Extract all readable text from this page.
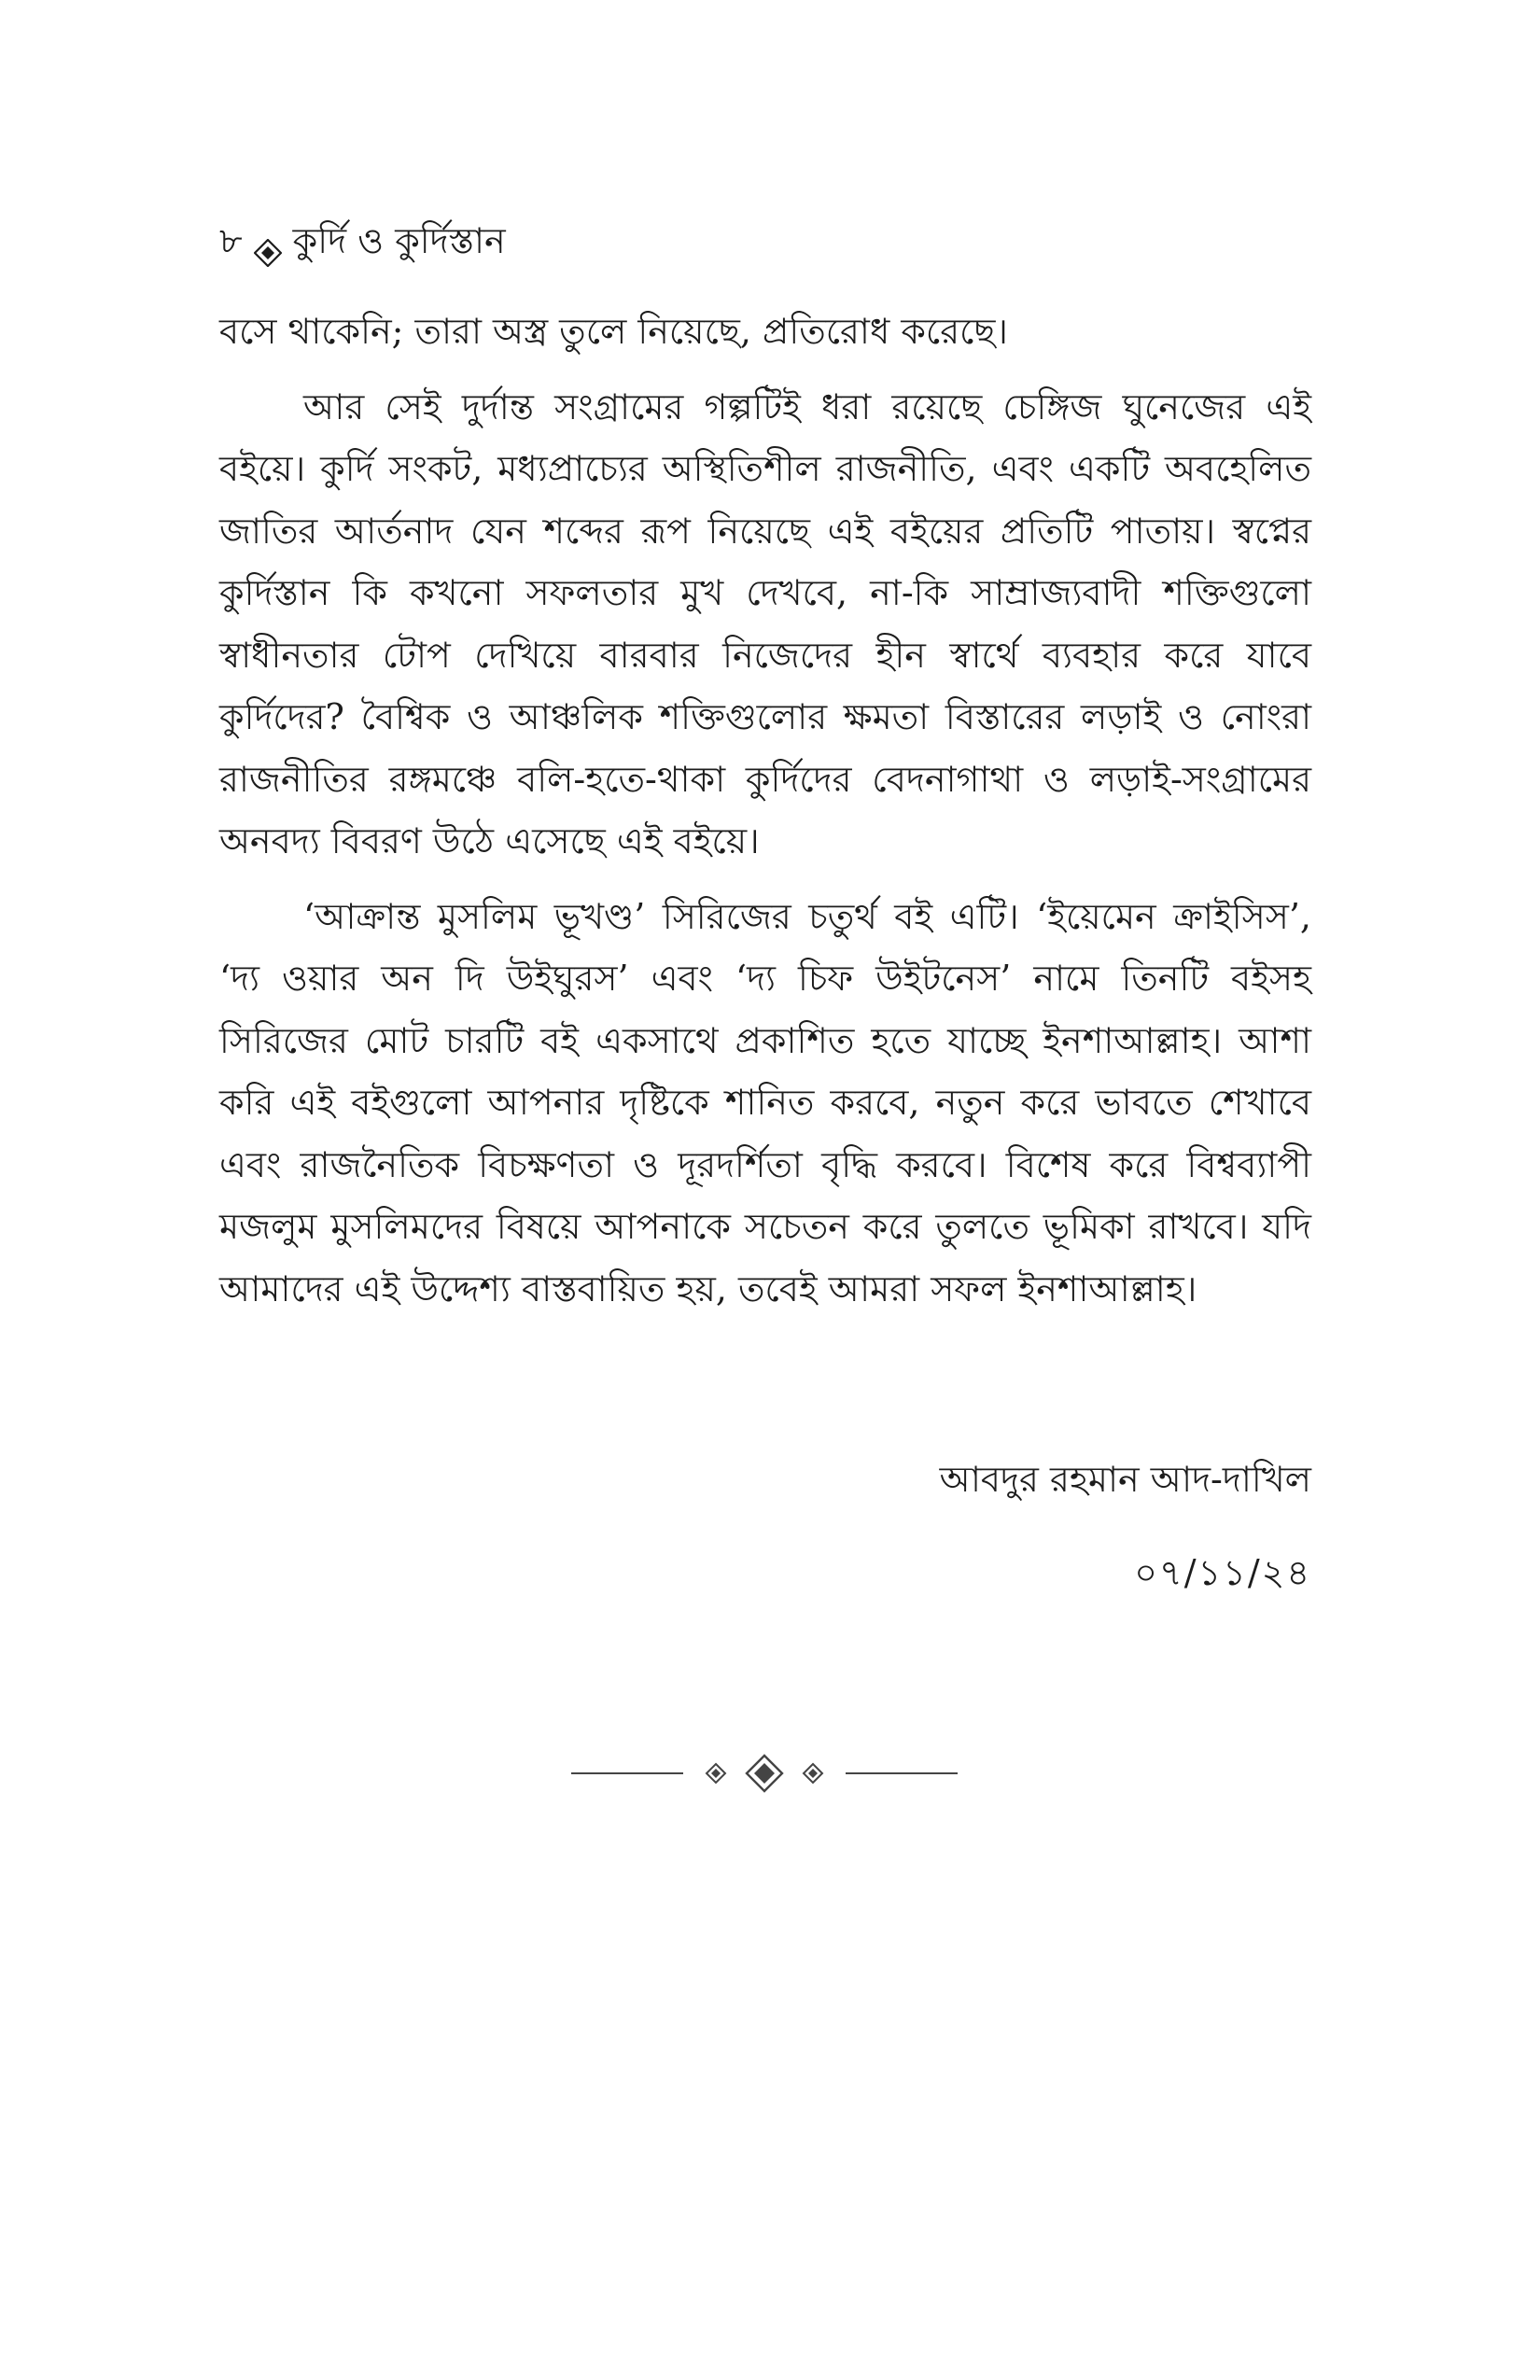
৮ কুর্দি ও কুর্দিস্তান

বসে থাকেনি; তারা অস্ত্র তুলে নিয়েছে, প্রতিরোধ করেছে।

আর সেই দুর্দান্ত সংগ্রামের গল্পটিই ধরা রয়েছে চেঙ্গিজ ঘুনেজের এই বইয়ে। কুর্দি সংকট, মধ্যপ্রাচ্যের অস্থিতিশীল রাজনীতি, এবং একটি অবহেলিত জাতির আর্তনাদ যেন শব্দের রূপ নিয়েছে এই বইয়ের প্রতিটি পাতায়। স্বপ্নের কুর্দিস্তান কি কখনো সফলতার মুখ দেখবে, না-কি সাম্রাজ্যবাদী শক্তিগুলো স্বাধীনতার টোপ দেখিয়ে বারবার নিজেদের হীন স্বার্থে ব্যবহার করে যাবে কুর্দিদের? বৈশ্বিক ও আঞ্চলিক শক্তিগুলোর ক্ষমতা বিস্তারের লড়াই ও নোংরা রাজনীতির রঙ্গমঞ্চে বলি-হতে-থাকা কুর্দিদের বেদনাগাথা ও লড়াই-সংগ্রামের অনবদ্য বিবরণ উঠে এসেছে এই বইয়ে।

‘আক্রান্ত মুসলিম ভূখণ্ড’ সিরিজের চতুর্থ বই এটি। ‘ইয়েমেন ক্রাইসিস’, ‘দ্য ওয়ার অন দি উইঘুরস’ এবং ‘দ্য চিফ উইটনেস’ নামে তিনটি বইসহ সিরিজের মোট চারটি বই একসাথে প্রকাশিত হতে যাচ্ছে ইনশাআল্লাহ। আশা করি এই বইগুলো আপনার দৃষ্টিকে শানিত করবে, নতুন করে ভাবতে শেখাবে এবং রাজনৈতিক বিচক্ষণতা ও দূরদর্শিতা বৃদ্ধি করবে। বিশেষ করে বিশ্বব্যাপী মজলুম মুসলিমদের বিষয়ে আপনাকে সচেতন করে তুলতে ভূমিকা রাখবে। যদি আমাদের এই উদ্দেশ্য বাস্তবায়িত হয়, তবেই আমরা সফল ইনশাআল্লাহ।

আবদুর রহমান আদ-দাখিল
০৭/১১/২৪
